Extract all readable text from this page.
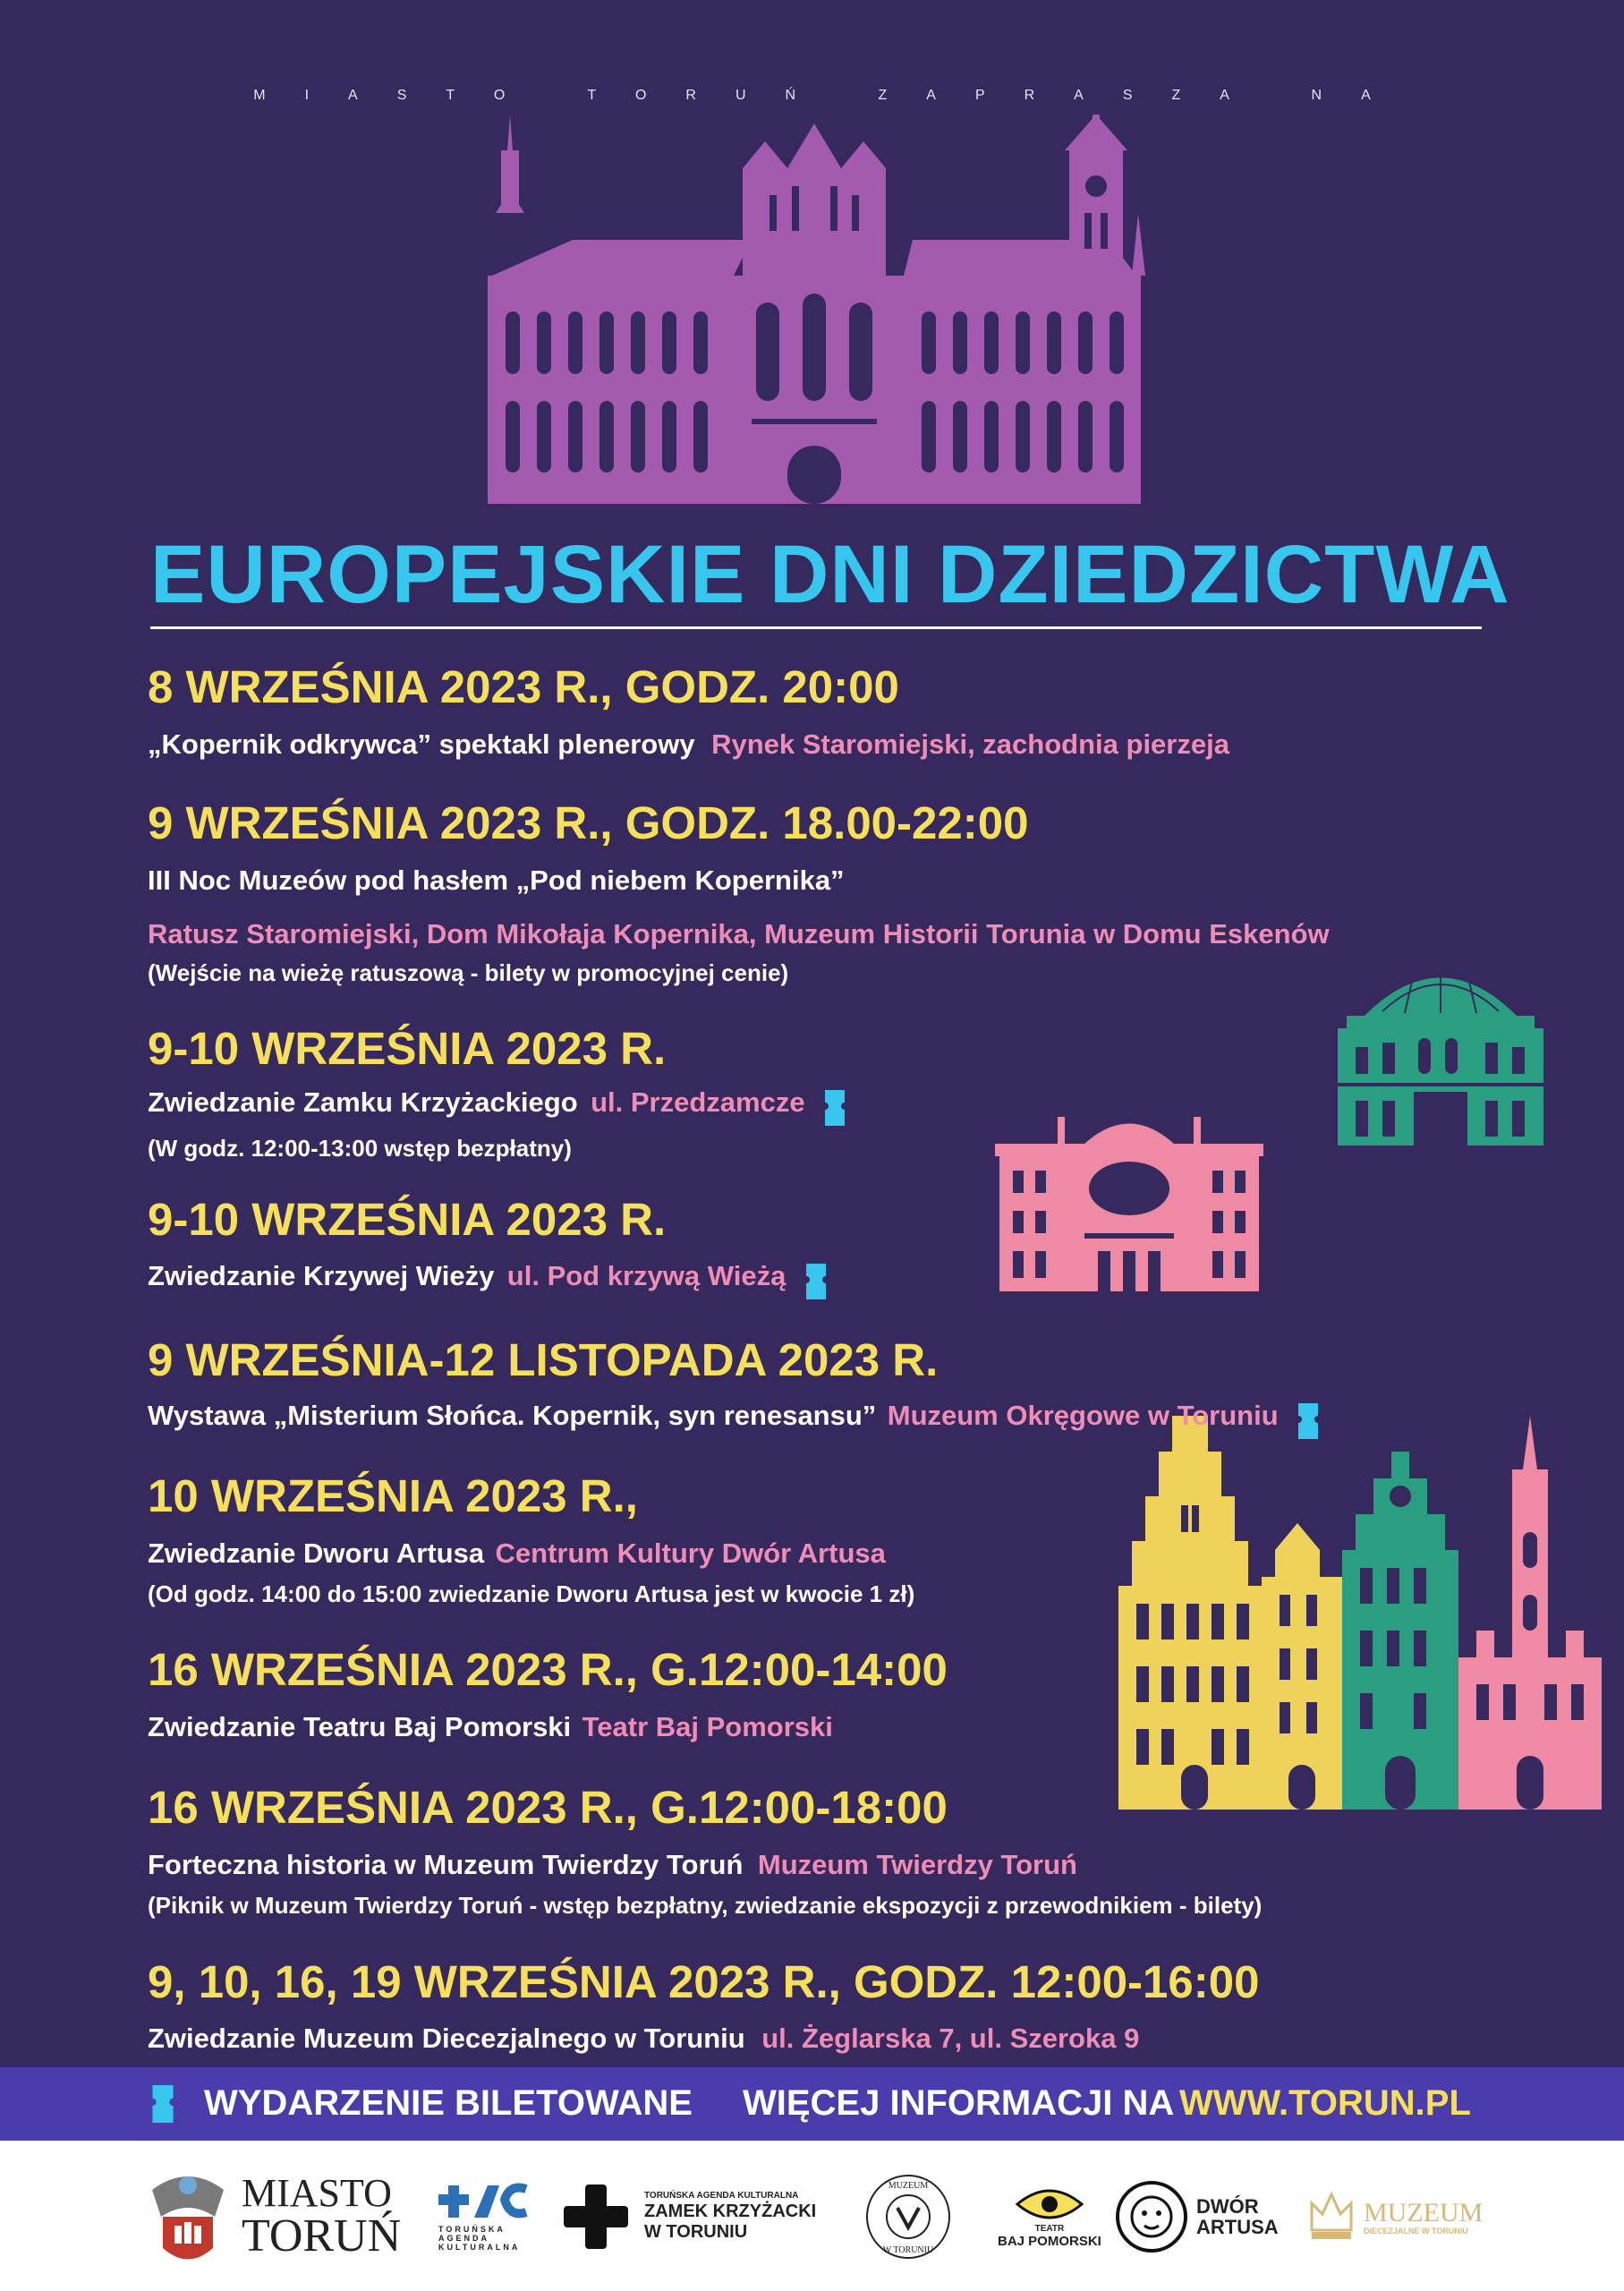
MIASTO TORUŃ ZAPRASZA NA
EUROPEJSKIE DNI DZIEDZICTWA
8 WRZEŚNIA 2023 R., GODZ. 20:00
„Kopernik odkrywca” spektakl plenerowy Rynek Staromiejski, zachodnia pierzeja
9 WRZEŚNIA 2023 R., GODZ. 18.00-22:00
III Noc Muzeów pod hasłem „Pod niebem Kopernika”
Ratusz Staromiejski, Dom Mikołaja Kopernika, Muzeum Historii Torunia w Domu Eskenów
(Wejście na wieżę ratuszową - bilety w promocyjnej cenie)
9-10 WRZEŚNIA 2023 R.
Zwiedzanie Zamku Krzyżackiego ul. Przedzamcze
(W godz. 12:00-13:00 wstęp bezpłatny)
9-10 WRZEŚNIA 2023 R.
Zwiedzanie Krzywej Wieży ul. Pod krzywą Wieżą
9 WRZEŚNIA-12 LISTOPADA 2023 R.
Wystawa „Misterium Słońca. Kopernik, syn renesansu” Muzeum Okręgowe w Toruniu
10 WRZEŚNIA 2023 R.,
Zwiedzanie Dworu Artusa Centrum Kultury Dwór Artusa
(Od godz. 14:00 do 15:00 zwiedzanie Dworu Artusa jest w kwocie 1 zł)
16 WRZEŚNIA 2023 R., G.12:00-14:00
Zwiedzanie Teatru Baj Pomorski Teatr Baj Pomorski
16 WRZEŚNIA 2023 R., G.12:00-18:00
Forteczna historia w Muzeum Twierdzy Toruń Muzeum Twierdzy Toruń
(Piknik w Muzeum Twierdzy Toruń - wstęp bezpłatny, zwiedzanie ekspozycji z przewodnikiem - bilety)
9, 10, 16, 19 WRZEŚNIA 2023 R., GODZ. 12:00-16:00
Zwiedzanie Muzeum Diecezjalnego w Toruniu ul. Żeglarska 7, ul. Szeroka 9
WYDARZENIE BILETOWANE WIĘCEJ INFORMACJI NA WWW.TORUN.PL
MIASTO
TORUŃ	TORUŃSKA AGENDA KULTURALNA
TORUŃSKA AGENDA KULTURALNA
ZAMEK KRZYŻACKI
W TORUNIU
MUZEUM
W TORUNIU
TEATR
BAJ POMORSKI
DWÓR
ARTUSA	MUZEUM
DIECEZJALNE W TORUNIU
